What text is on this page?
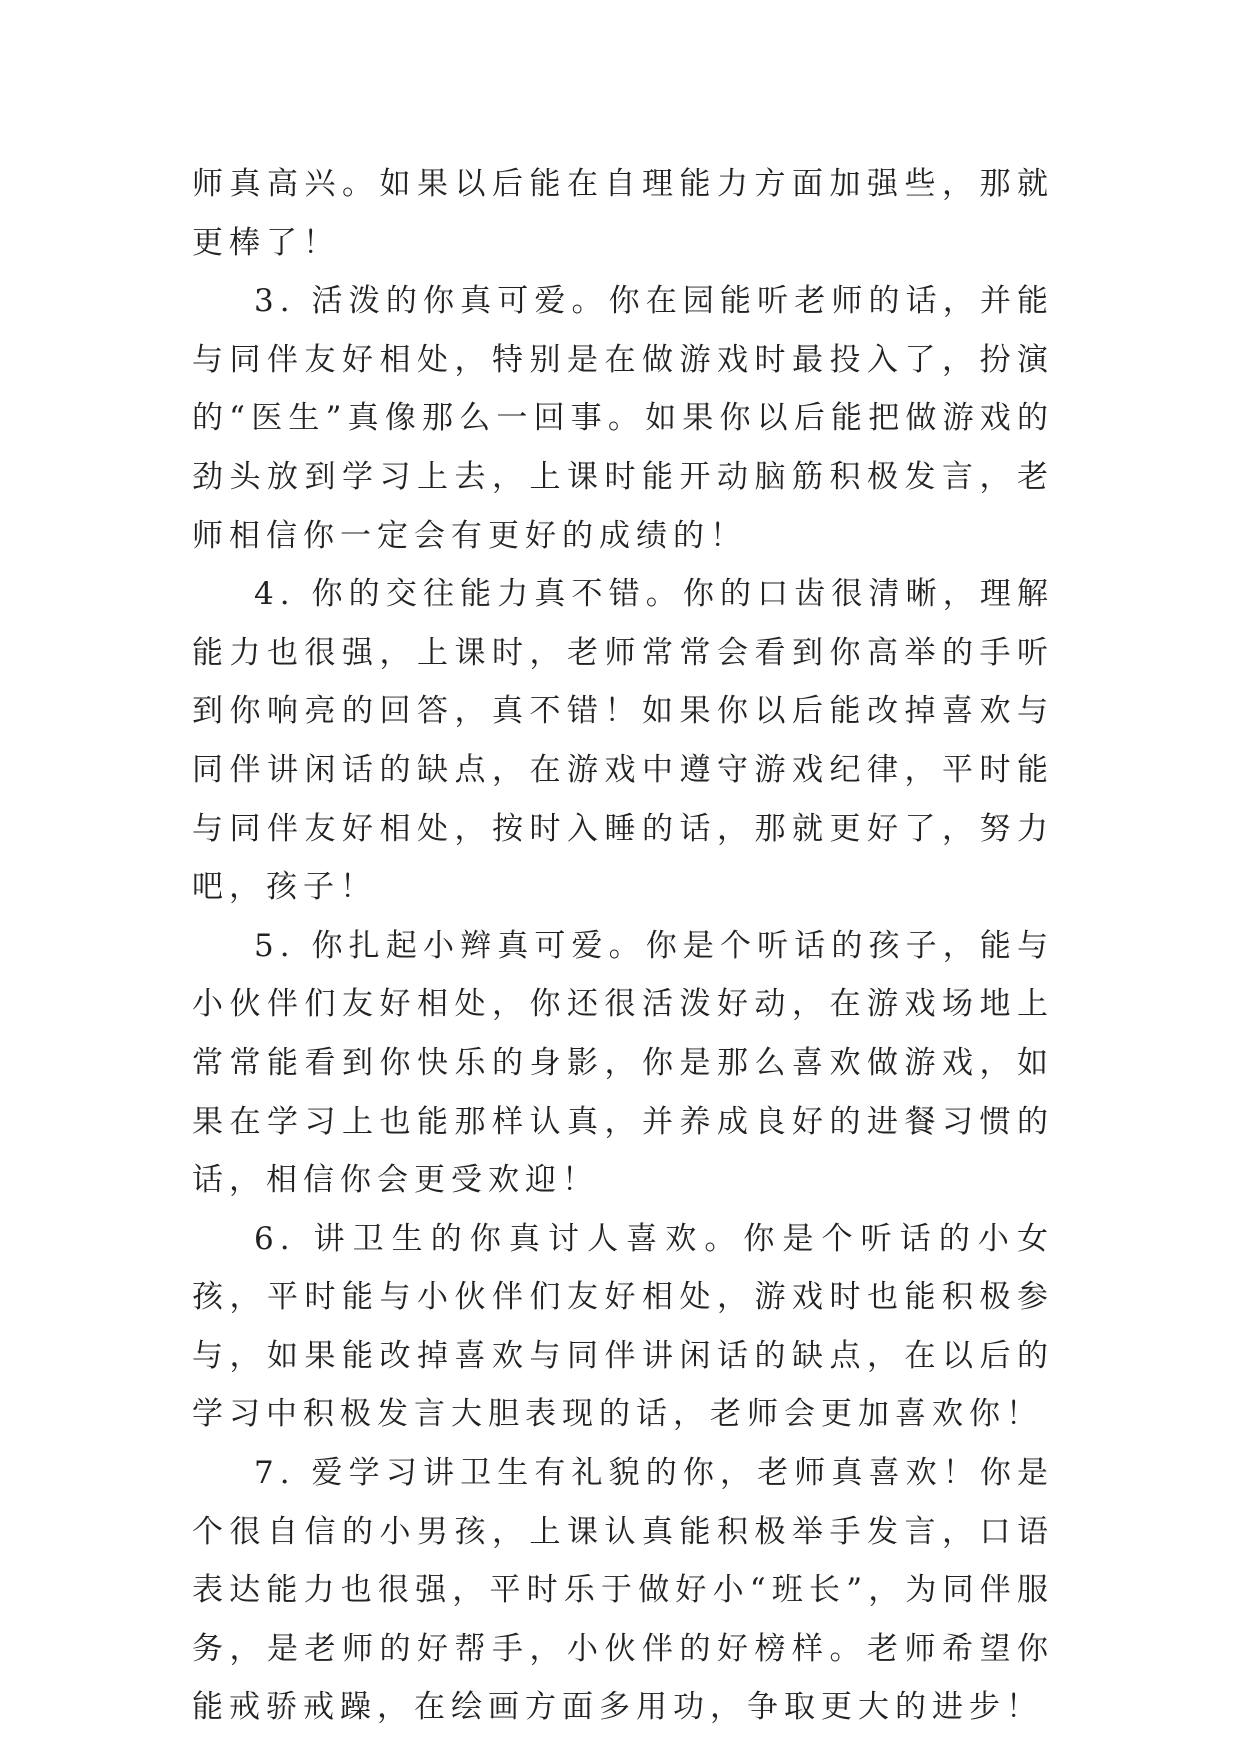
师真高兴。如果以后能在自理能力方面加强些，那就更棒了！

3. 活泼的你真可爱。你在园能听老师的话，并能与同伴友好相处，特别是在做游戏时最投入了，扮演的“医生”真像那么一回事。如果你以后能把做游戏的劲头放到学习上去，上课时能开动脑筋积极发言，老师相信你一定会有更好的成绩的！

4. 你的交往能力真不错。你的口齿很清晰，理解能力也很强，上课时，老师常常会看到你高举的手听到你响亮的回答，真不错！如果你以后能改掉喜欢与同伴讲闲话的缺点，在游戏中遵守游戏纪律，平时能与同伴友好相处，按时入睡的话，那就更好了，努力吧，孩子！

5. 你扎起小辫真可爱。你是个听话的孩子，能与小伙伴们友好相处，你还很活泼好动，在游戏场地上常常能看到你快乐的身影，你是那么喜欢做游戏，如果在学习上也能那样认真，并养成良好的进餐习惯的话，相信你会更受欢迎！

6. 讲卫生的你真讨人喜欢。你是个听话的小女孩，平时能与小伙伴们友好相处，游戏时也能积极参与，如果能改掉喜欢与同伴讲闲话的缺点，在以后的学习中积极发言大胆表现的话，老师会更加喜欢你！

7. 爱学习讲卫生有礼貌的你，老师真喜欢！你是个很自信的小男孩，上课认真能积极举手发言，口语表达能力也很强，平时乐于做好小“班长”，为同伴服务，是老师的好帮手，小伙伴的好榜样。老师希望你能戒骄戒躁，在绘画方面多用功，争取更大的进步！
